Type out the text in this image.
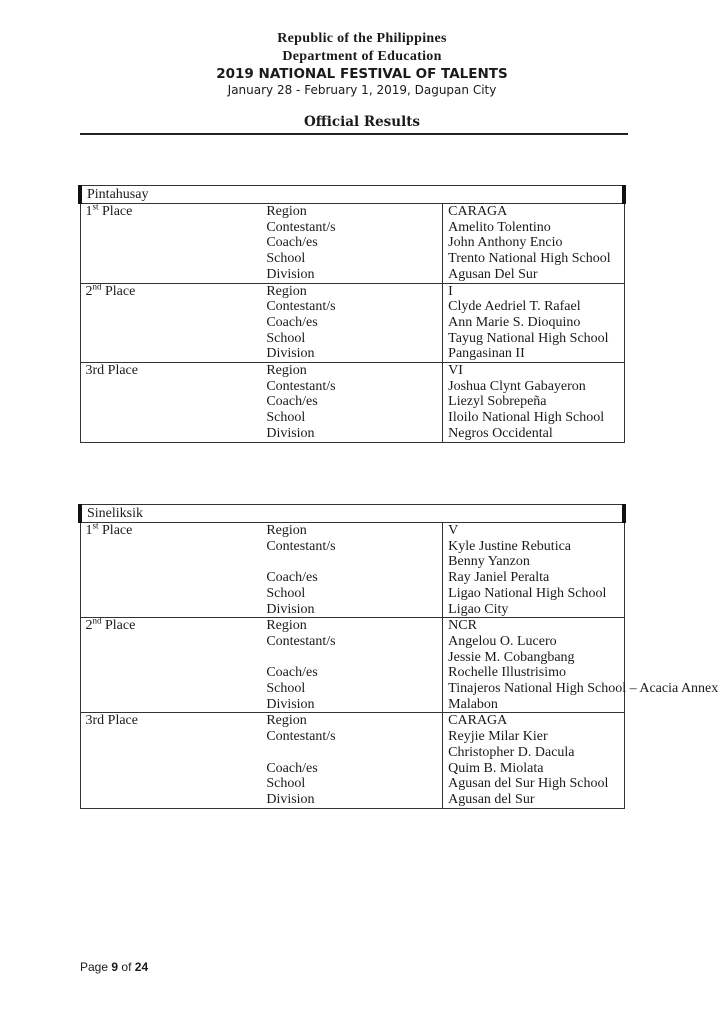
Republic of the Philippines
Department of Education
2019 NATIONAL FESTIVAL OF TALENTS
January 28 - February 1, 2019, Dagupan City
Official Results
Pintahusay		
1st Place	Region	CARAGA
	Contestant/s	Amelito Tolentino
	Coach/es	John Anthony Encio
	School	Trento National High School
	Division	Agusan Del Sur
2nd Place	Region	I
	Contestant/s	Clyde Aedriel T. Rafael
	Coach/es	Ann Marie S. Dioquino
	School	Tayug National High School
	Division	Pangasinan II
3rd Place	Region	VI
	Contestant/s	Joshua Clynt Gabayeron
	Coach/es	Liezyl Sobrepeña
	School	Iloilo National High School
	Division	Negros Occidental
Sineliksik		
1st Place	Region	V
	Contestant/s	Kyle Justine Rebutica
		Benny Yanzon
	Coach/es	Ray Janiel Peralta
	School	Ligao National High School
	Division	Ligao City
2nd Place	Region	NCR
	Contestant/s	Angelou O. Lucero
		Jessie M. Cobangbang
	Coach/es	Rochelle Illustrisimo
	School	Tinajeros National High School – Acacia Annex
	Division	Malabon
3rd Place	Region	CARAGA
	Contestant/s	Reyjie Milar Kier
		Christopher D. Dacula
	Coach/es	Quim B. Miolata
	School	Agusan del Sur High School
	Division	Agusan del Sur
Page 9 of 24
